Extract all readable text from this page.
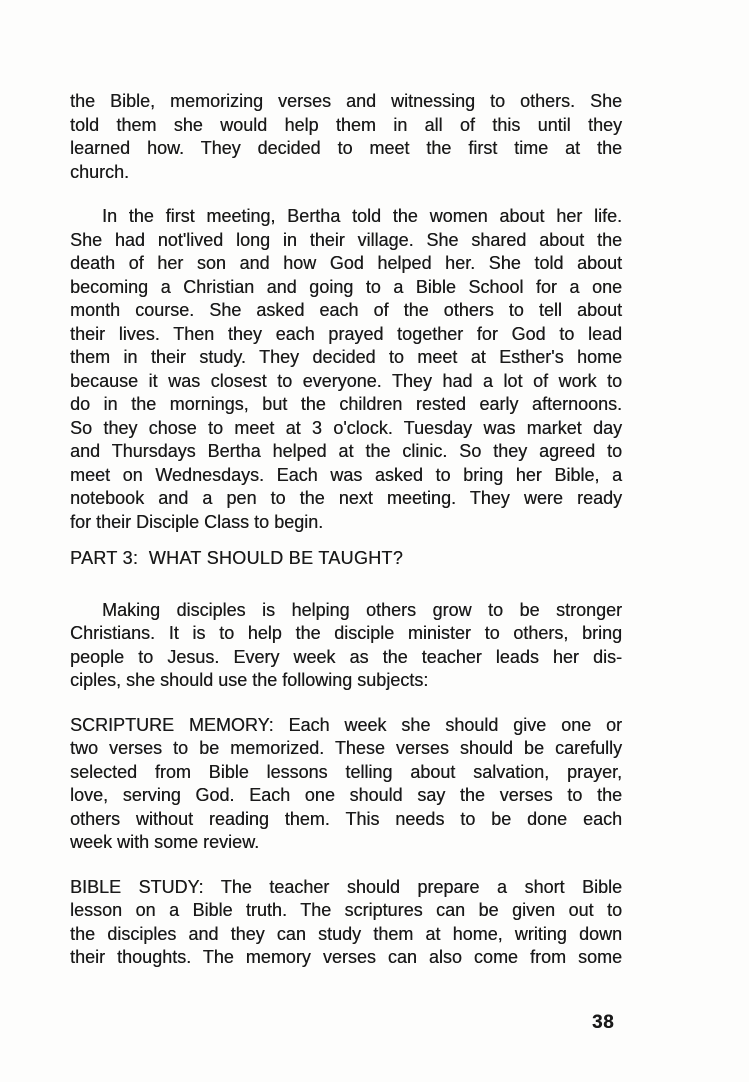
the Bible, memorizing verses and witnessing to others. She
told them she would help them in all of this until they
learned how. They decided to meet the first time at the
church.
In the first meeting, Bertha told the women about her life.
She had not'lived long in their village. She shared about the
death of her son and how God helped her. She told about
becoming a Christian and going to a Bible School for a one
month course. She asked each of the others to tell about
their lives. Then they each prayed together for God to lead
them in their study. They decided to meet at Esther's home
because it was closest to everyone. They had a lot of work to
do in the mornings, but the children rested early afternoons.
So they chose to meet at 3 o'clock. Tuesday was market day
and Thursdays Bertha helped at the clinic. So they agreed to
meet on Wednesdays. Each was asked to bring her Bible, a
notebook and a pen to the next meeting. They were ready
for their Disciple Class to begin.
PART 3:  WHAT SHOULD BE TAUGHT?
Making disciples is helping others grow to be stronger
Christians. It is to help the disciple minister to others, bring
people to Jesus. Every week as the teacher leads her dis-
ciples, she should use the following subjects:
SCRIPTURE MEMORY: Each week she should give one or
two verses to be memorized. These verses should be carefully
selected from Bible lessons telling about salvation, prayer,
love, serving God. Each one should say the verses to the
others without reading them. This needs to be done each
week with some review.
BIBLE STUDY: The teacher should prepare a short Bible
lesson on a Bible truth. The scriptures can be given out to
the disciples and they can study them at home, writing down
their thoughts. The memory verses can also come from some
38
